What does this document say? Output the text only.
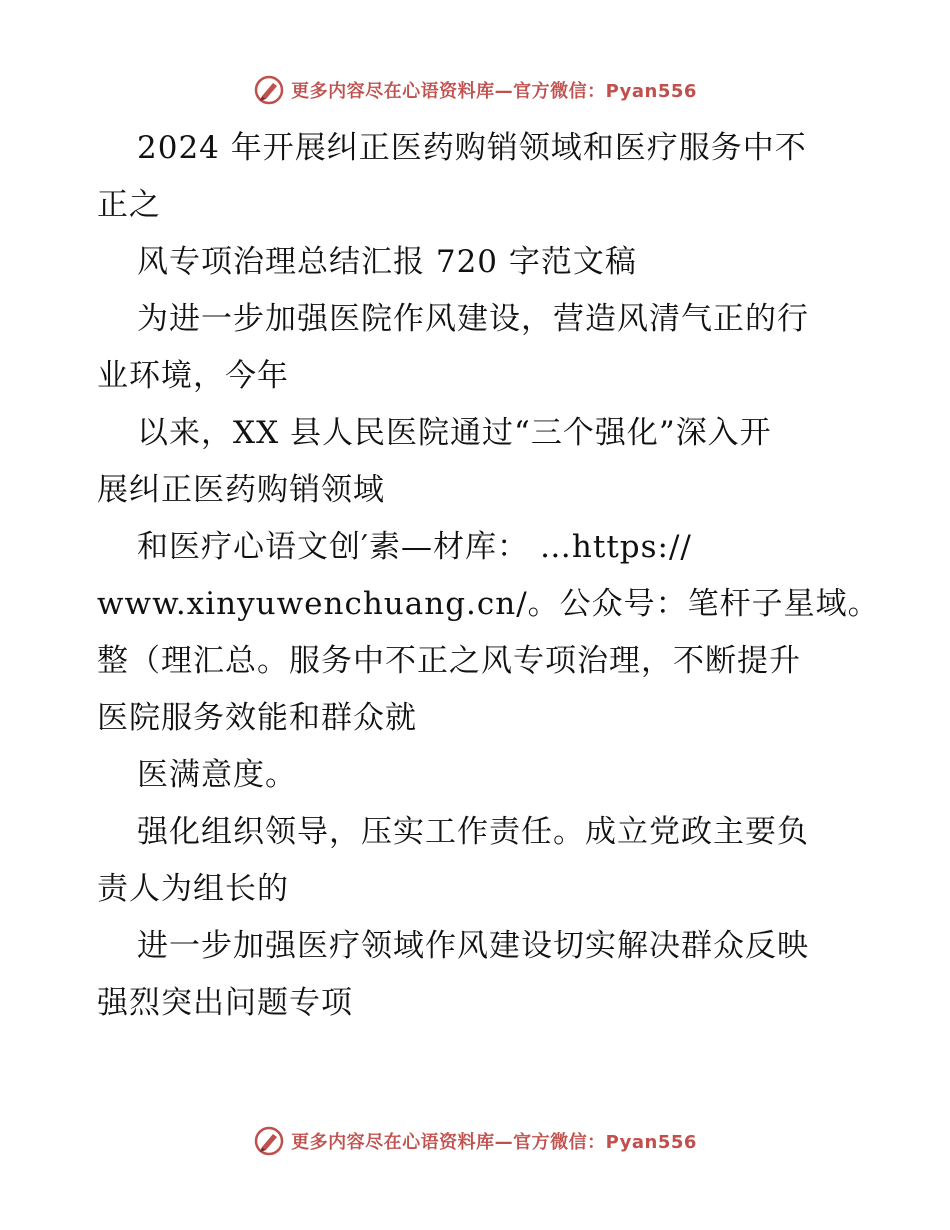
更多内容尽在心语资料库—官方微信：Pyan556
2024 年开展纠正医药购销领域和医疗服务中不
正之
风专项治理总结汇报 720 字范文稿
为进一步加强医院作风建设，营造风清气正的行
业环境，今年
以来，XX 县人民医院通过“三个强化”深入开
展纠正医药购销领域
和医疗心语文创′素—材库： …https://
www.xinyuwenchuang.cn/。公众号：笔杆子星域。
整（理汇总。服务中不正之风专项治理，不断提升
医院服务效能和群众就
医满意度。
强化组织领导，压实工作责任。成立党政主要负
责人为组长的
进一步加强医疗领域作风建设切实解决群众反映
强烈突出问题专项
更多内容尽在心语资料库—官方微信：Pyan556
